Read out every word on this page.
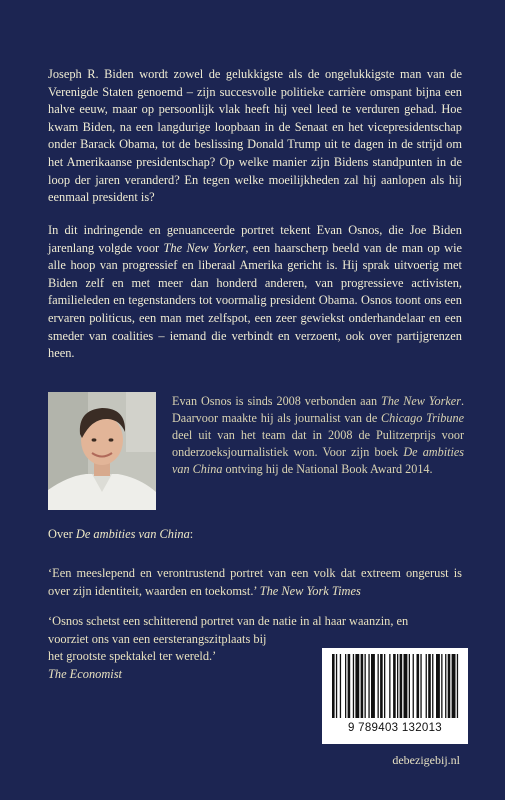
Joseph R. Biden wordt zowel de gelukkigste als de ongelukkigste man van de Verenigde Staten genoemd – zijn succesvolle politieke carrière omspant bijna een halve eeuw, maar op persoonlijk vlak heeft hij veel leed te verduren gehad. Hoe kwam Biden, na een langdurige loopbaan in de Senaat en het vicepresidentschap onder Barack Obama, tot de beslissing Donald Trump uit te dagen in de strijd om het Amerikaanse presidentschap? Op welke manier zijn Bidens standpunten in de loop der jaren veranderd? En tegen welke moeilijkheden zal hij aanlopen als hij eenmaal president is?

In dit indringende en genuanceerde portret tekent Evan Osnos, die Joe Biden jarenlang volgde voor The New Yorker, een haarscherp beeld van de man op wie alle hoop van progressief en liberaal Amerika gericht is. Hij sprak uitvoerig met Biden zelf en met meer dan honderd anderen, van progressieve activisten, familieleden en tegenstanders tot voormalig president Obama. Osnos toont ons een ervaren politicus, een man met zelfspot, een zeer gewiekst onderhandelaar en een smeder van coalities – iemand die verbindt en verzoent, ook over partijgrenzen heen.

Evan Osnos is sinds 2008 verbonden aan The New Yorker. Daarvoor maakte hij als journalist van de Chicago Tribune deel uit van het team dat in 2008 de Pulitzerprijs voor onderzoeksjournalistiek won. Voor zijn boek De ambities van China ontving hij de National Book Award 2014.

Over De ambities van China:
‘Een meeslepend en verontrustend portret van een volk dat extreem ongerust is over zijn identiteit, waarden en toekomst.’ The New York Times
‘Osnos schetst een schitterend portret van de natie in al haar waanzin, en
voorziet ons van een eersterangszitplaats bij
het grootste spektakel ter wereld.’
The Economist
9 789403 132013
debezigebij.nl
